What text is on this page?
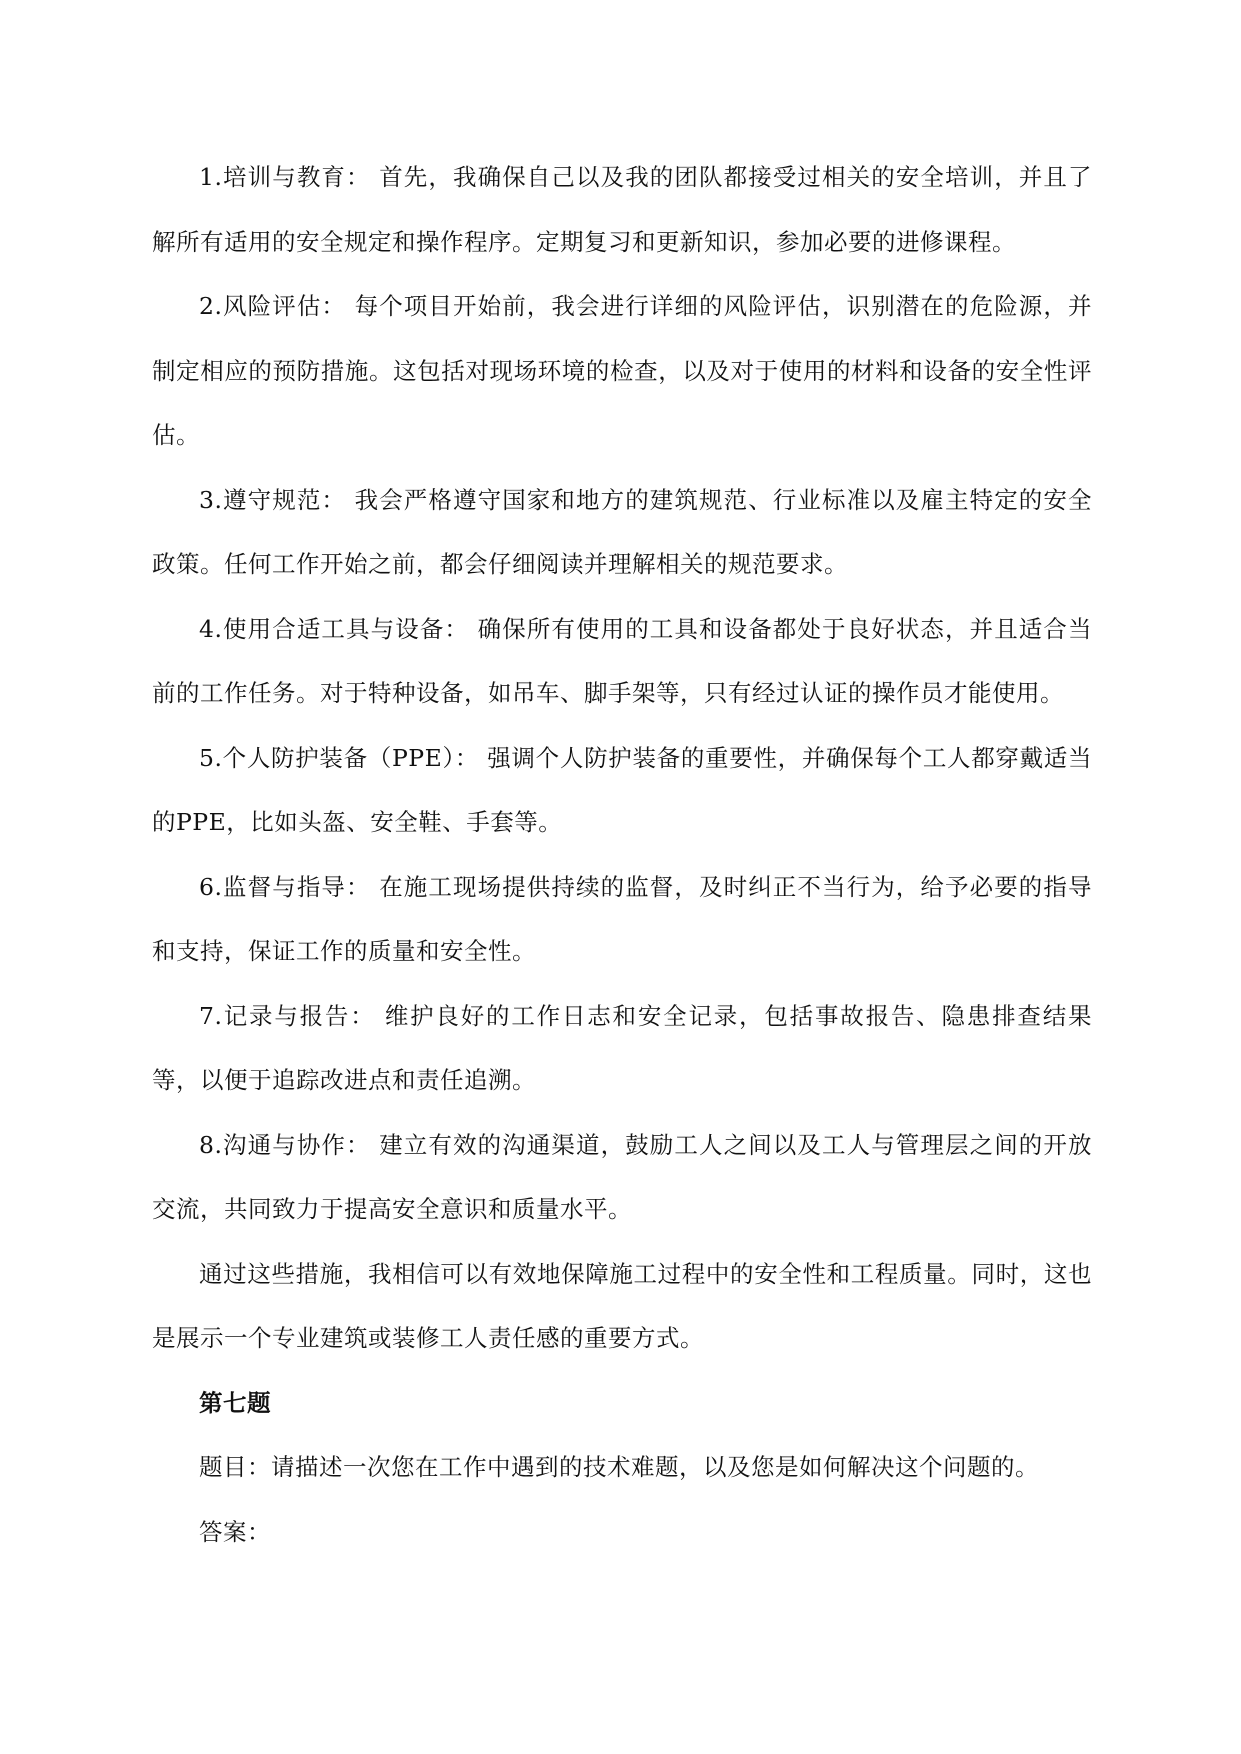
1.培训与教育： 首先，我确保自己以及我的团队都接受过相关的安全培训，并且了解所有适用的安全规定和操作程序。定期复习和更新知识，参加必要的进修课程。

2.风险评估： 每个项目开始前，我会进行详细的风险评估，识别潜在的危险源，并制定相应的预防措施。这包括对现场环境的检查，以及对于使用的材料和设备的安全性评估。

3.遵守规范： 我会严格遵守国家和地方的建筑规范、行业标准以及雇主特定的安全政策。任何工作开始之前，都会仔细阅读并理解相关的规范要求。

4.使用合适工具与设备： 确保所有使用的工具和设备都处于良好状态，并且适合当前的工作任务。对于特种设备，如吊车、脚手架等，只有经过认证的操作员才能使用。

5.个人防护装备（PPE）： 强调个人防护装备的重要性，并确保每个工人都穿戴适当的PPE，比如头盔、安全鞋、手套等。

6.监督与指导： 在施工现场提供持续的监督，及时纠正不当行为，给予必要的指导和支持，保证工作的质量和安全性。

7.记录与报告： 维护良好的工作日志和安全记录，包括事故报告、隐患排查结果等，以便于追踪改进点和责任追溯。

8.沟通与协作： 建立有效的沟通渠道，鼓励工人之间以及工人与管理层之间的开放交流，共同致力于提高安全意识和质量水平。

通过这些措施，我相信可以有效地保障施工过程中的安全性和工程质量。同时，这也是展示一个专业建筑或装修工人责任感的重要方式。

第七题

题目：请描述一次您在工作中遇到的技术难题，以及您是如何解决这个问题的。

答案：
